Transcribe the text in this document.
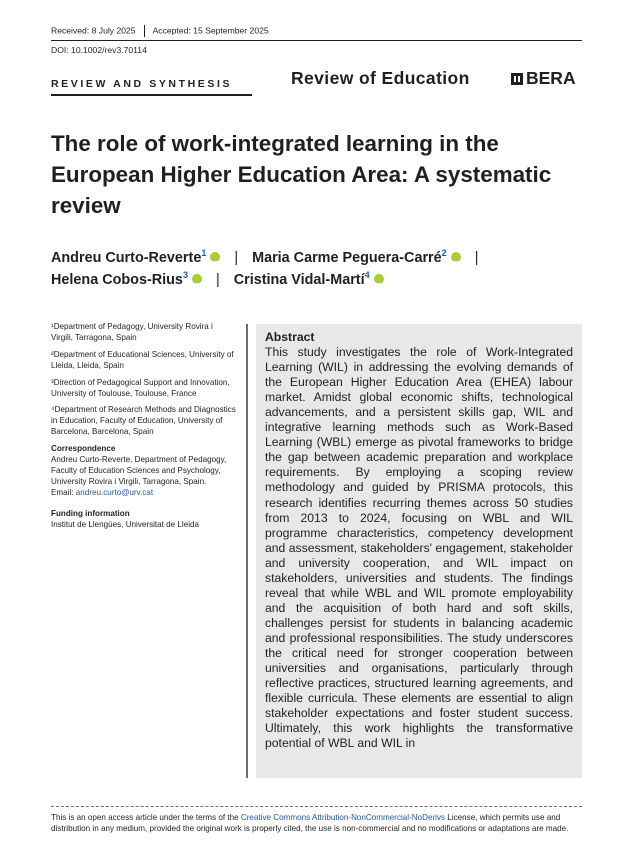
Received: 8 July 2025 Accepted: 15 September 2025
DOI: 10.1002/rev3.70114
REVIEW AND SYNTHESIS	Review of Education	BERA
The role of work-integrated learning in the European Higher Education Area: A systematic review
Andreu Curto-Reverte$^1$ iD | Maria Carme Peguera-Carré$^2$ iD |
Helena Cobos-Rius$^3$ iD | Cristina Vidal-Martí$^4$iD
¹Department of Pedagogy, University Rovira i Virgili, Tarragona, Spain
²Department of Educational Sciences, University of Lleida, Lleida, Spain
³Direction of Pedagogical Support and Innovation, University of Toulouse, Toulouse, France
⁴Department of Research Methods and Diagnostics in Education, Faculty of Education, University of Barcelona, Barcelona, Spain
Correspondence
Andreu Curto-Reverte, Department of Pedagogy, Faculty of Education Sciences and Psychology, University Rovira i Virgili, Tarragona, Spain.
Email: andreu.curto@urv.cat
Funding information
Institut de Llengües, Universitat de Lleida
Abstract
This study investigates the role of Work-Integrated Learning (WIL) in addressing the evolving demands of the European Higher Education Area (EHEA) labour market. Amidst global economic shifts, technological advancements, and a persistent skills gap, WIL and integrative learning methods such as Work-Based Learning (WBL) emerge as pivotal frameworks to bridge the gap between academic preparation and workplace requirements. By employing a scoping review methodology and guided by PRISMA protocols, this research identifies recurring themes across 50 studies from 2013 to 2024, focusing on WBL and WIL programme characteristics, competency development and assessment, stakeholders' engagement, stakeholder and university cooperation, and WIL impact on stakeholders, universities and students. The findings reveal that while WBL and WIL promote employability and the acquisition of both hard and soft skills, challenges persist for students in balancing academic and professional responsibilities. The study underscores the critical need for stronger cooperation between universities and organisations, particularly through reflective practices, structured learning agreements, and flexible curricula. These elements are essential to align stakeholder expectations and foster student success. Ultimately, this work highlights the transformative potential of WBL and WIL in
This is an open access article under the terms of the Creative Commons Attribution-NonCommercial-NoDerivs License, which permits use and distribution in any medium, provided the original work is properly cited, the use is non-commercial and no modifications or adaptations are made.
